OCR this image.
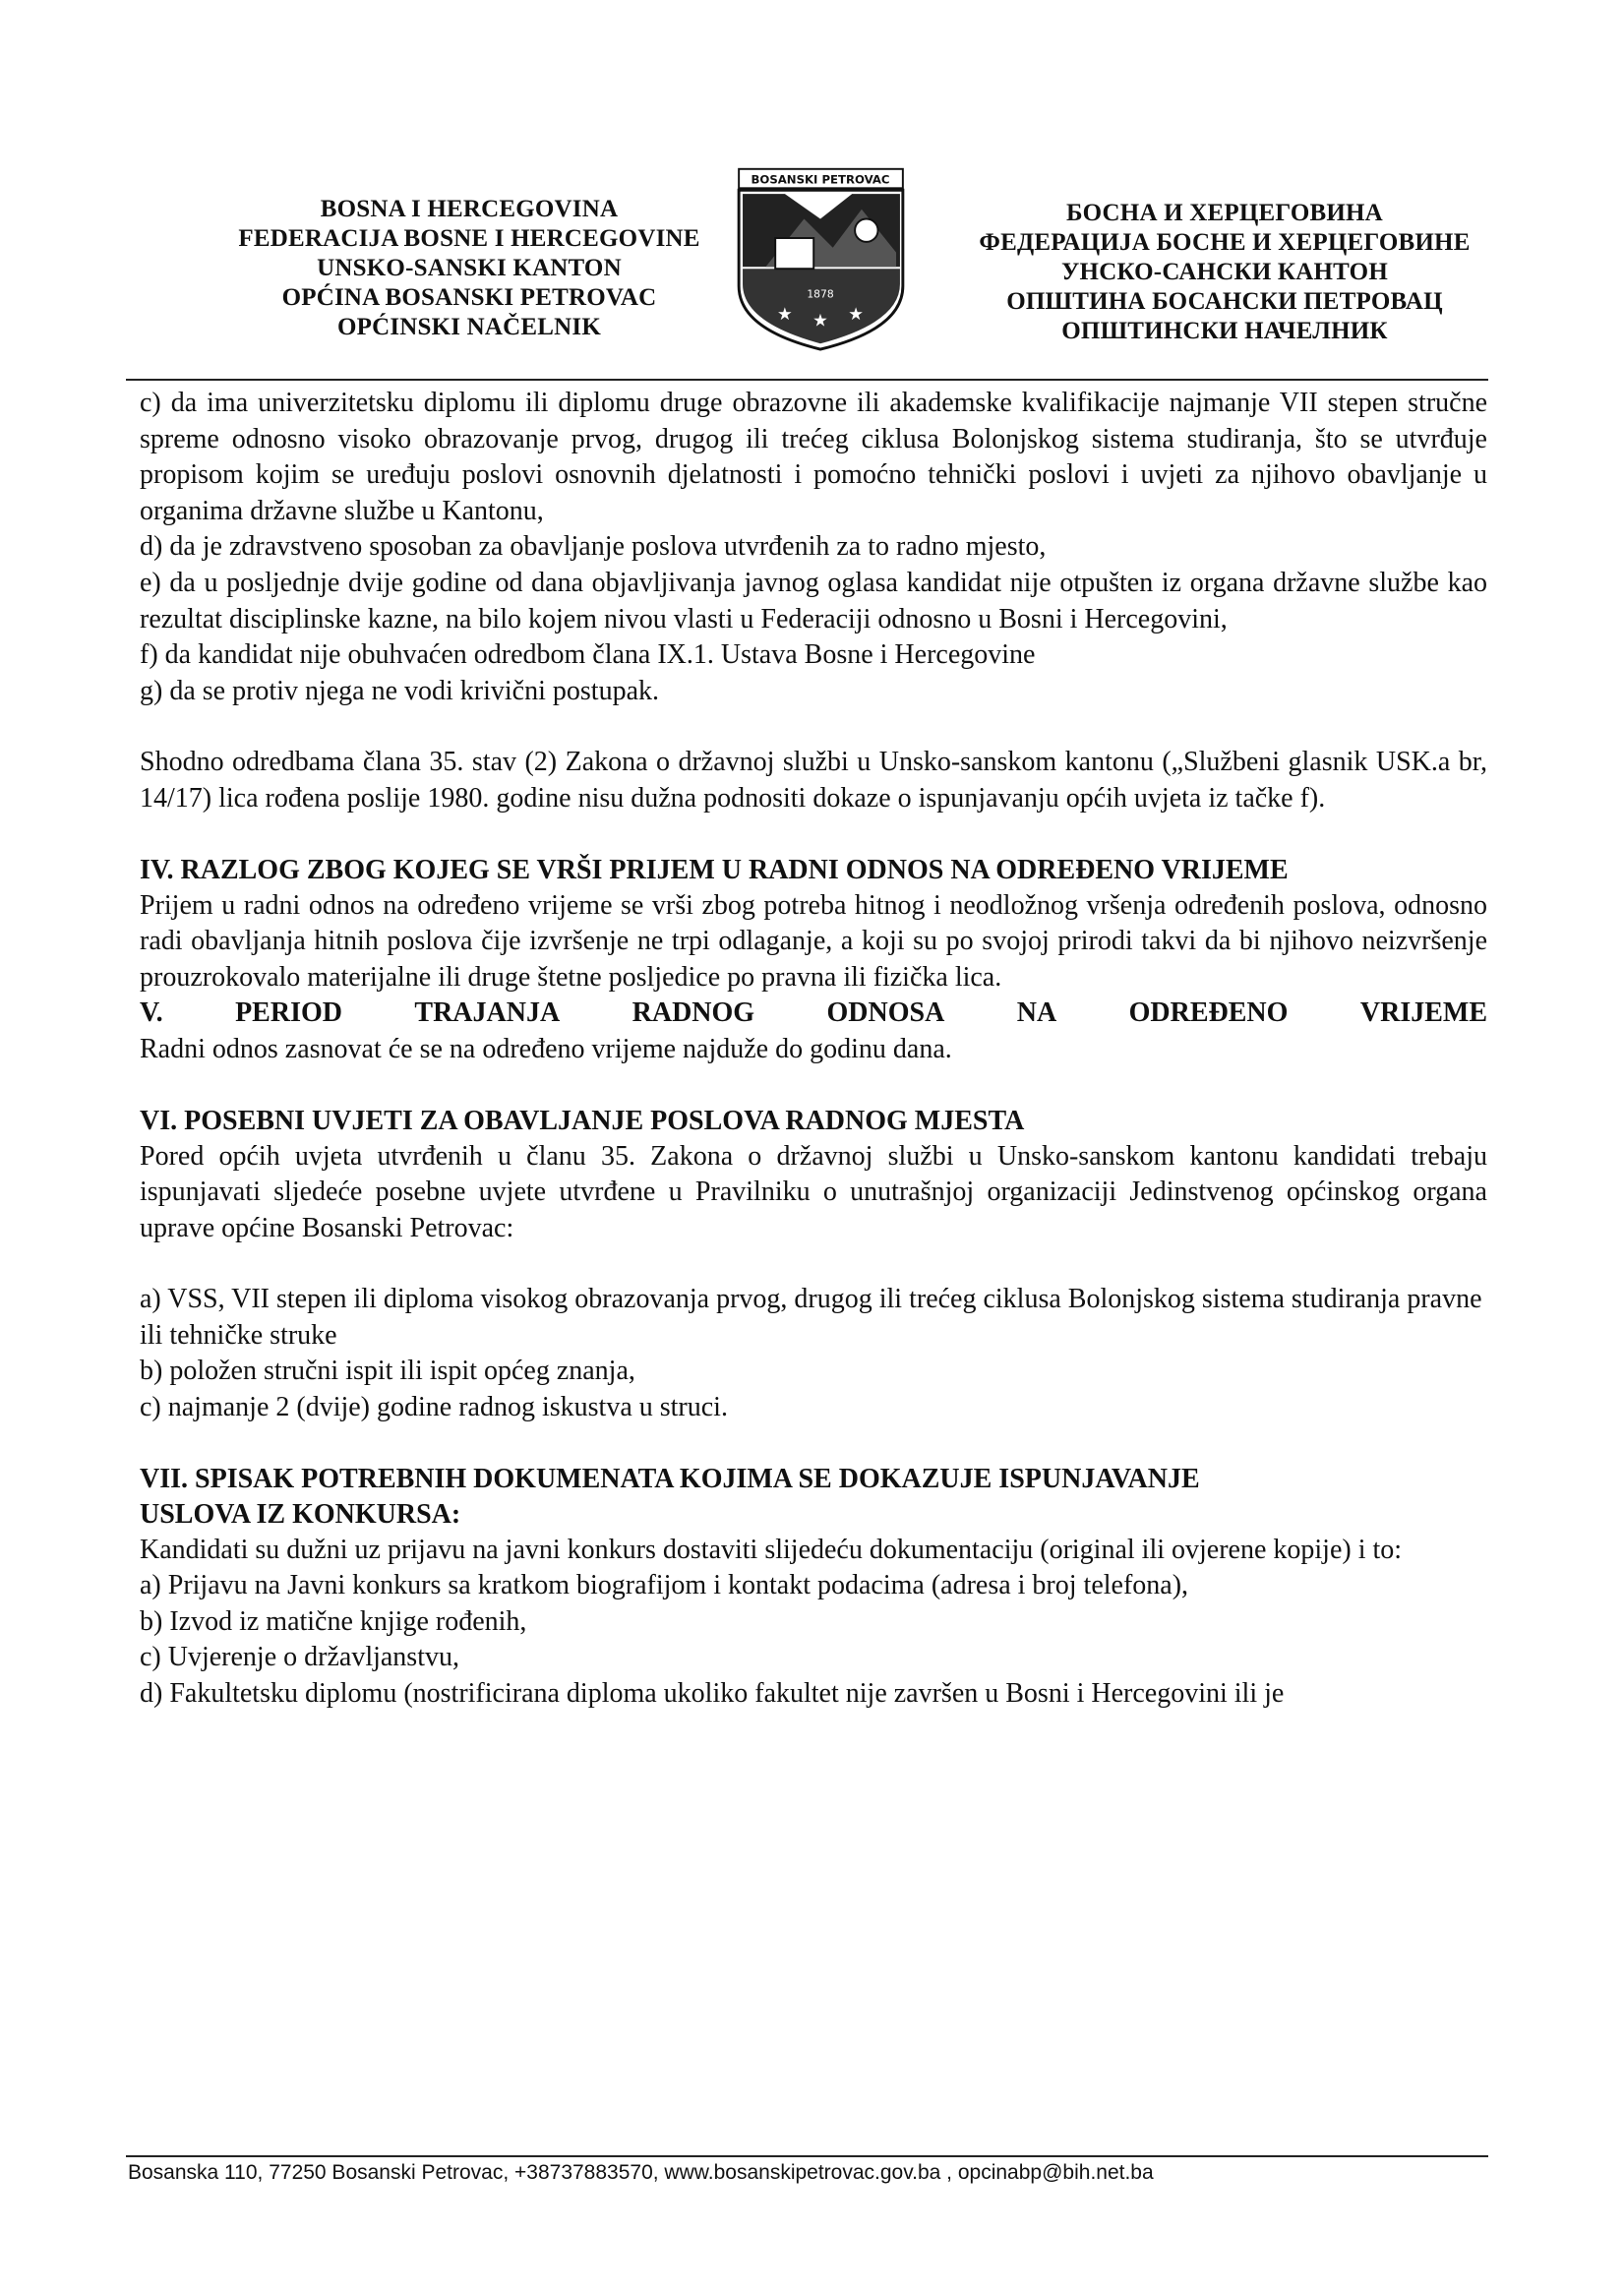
BOSNA I HERCEGOVINA
FEDERACIJA BOSNE I HERCEGOVINE
UNSKO-SANSKI KANTON
OPĆINA BOSANSKI PETROVAC
OPĆINSKI NAČELNIK
BOSANSKI PETROVAC
1878
★ ★ ★
БОСНА И ХЕРЦЕГОВИНА
ФЕДЕРАЦИЈА БОСНЕ И ХЕРЦЕГОВИНЕ
УНСКО-САНСКИ КАНТОН
ОПШТИНА БОСАНСКИ ПЕТРОВАЦ
ОПШТИНСКИ НАЧЕЛНИК

c) da ima univerzitetsku diplomu ili diplomu druge obrazovne ili akademske kvalifikacije najmanje VII stepen stručne spreme odnosno visoko obrazovanje prvog, drugog ili trećeg ciklusa Bolonjskog sistema studiranja, što se utvrđuje propisom kojim se uređuju poslovi osnovnih djelatnosti i pomoćno tehnički poslovi i uvjeti za njihovo obavljanje u organima državne službe u Kantonu,

d) da je zdravstveno sposoban za obavljanje poslova utvrđenih za to radno mjesto,

e) da u posljednje dvije godine od dana objavljivanja javnog oglasa kandidat nije otpušten iz organa državne službe kao rezultat disciplinske kazne, na bilo kojem nivou vlasti u Federaciji odnosno u Bosni i Hercegovini,

f) da kandidat nije obuhvaćen odredbom člana IX.1. Ustava Bosne i Hercegovine

g) da se protiv njega ne vodi krivični postupak.

Shodno odredbama člana 35. stav (2) Zakona o državnoj službi u Unsko-sanskom kantonu („Službeni glasnik USK.a br, 14/17) lica rođena poslije 1980. godine nisu dužna podnositi dokaze o ispunjavanju općih uvjeta iz tačke f).

IV. RAZLOG ZBOG KOJEG SE VRŠI PRIJEM U RADNI ODNOS NA ODREĐENO VRIJEME

Prijem u radni odnos na određeno vrijeme se vrši zbog potreba hitnog i neodložnog vršenja određenih poslova, odnosno radi obavljanja hitnih poslova čije izvršenje ne trpi odlaganje, a koji su po svojoj prirodi takvi da bi njihovo neizvršenje prouzrokovalo materijalne ili druge štetne posljedice po pravna ili fizička lica.

V.	PERIOD	TRAJANJA	RADNOG	ODNOSA	NA	ODREĐENO	VRIJEME

Radni odnos zasnovat će se na određeno vrijeme najduže do godinu dana.

VI. POSEBNI UVJETI ZA OBAVLJANJE POSLOVA RADNOG MJESTA

Pored općih uvjeta utvrđenih u članu 35. Zakona o državnoj službi u Unsko-sanskom kantonu kandidati trebaju ispunjavati sljedeće posebne uvjete utvrđene u Pravilniku o unutrašnjoj organizaciji Jedinstvenog općinskog organa uprave općine Bosanski Petrovac:

a) VSS, VII stepen ili diploma visokog obrazovanja prvog, drugog ili trećeg ciklusa Bolonjskog sistema studiranja pravne ili tehničke struke

b) položen stručni ispit ili ispit općeg znanja,

c) najmanje 2 (dvije) godine radnog iskustva u struci.

VII. SPISAK POTREBNIH DOKUMENATA KOJIMA SE DOKAZUJE ISPUNJAVANJE

USLOVA IZ KONKURSA:

Kandidati su dužni uz prijavu na javni konkurs dostaviti slijedeću dokumentaciju (original ili ovjerene kopije) i to:

a) Prijavu na Javni konkurs sa kratkom biografijom i kontakt podacima (adresa i broj telefona),

b) Izvod iz matične knjige rođenih,

c) Uvjerenje o državljanstvu,

d) Fakultetsku diplomu (nostrificirana diploma ukoliko fakultet nije završen u Bosni i Hercegovini ili je

Bosanska 110, 77250 Bosanski Petrovac, +38737883570, www.bosanskipetrovac.gov.ba , opcinabp@bih.net.ba
